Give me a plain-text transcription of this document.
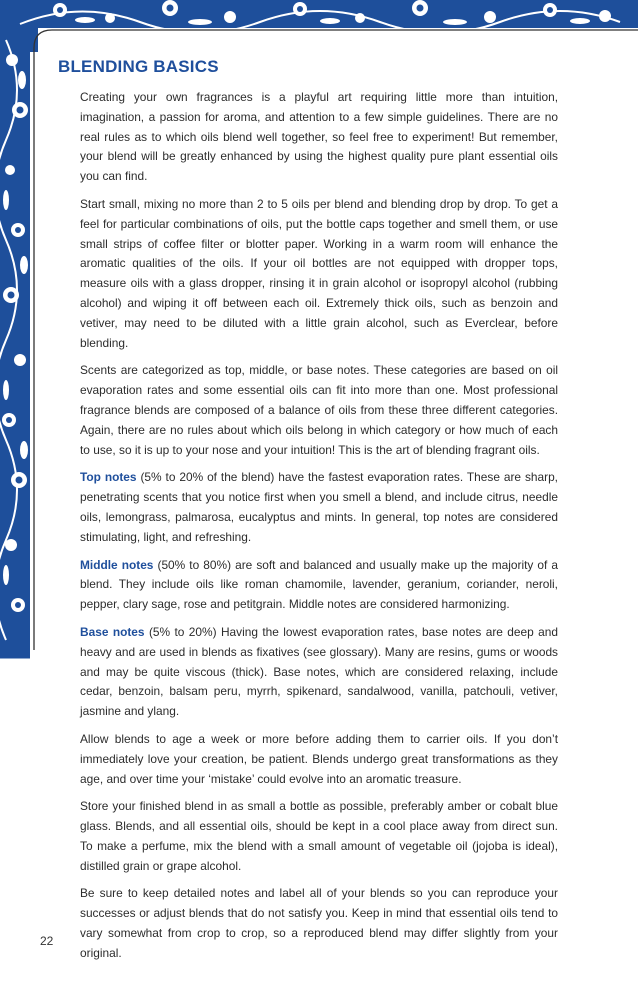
BLENDING BASICS

Creating your own fragrances is a playful art requiring little more than intuition, imagination, a passion for aroma, and attention to a few simple guidelines. There are no real rules as to which oils blend well together, so feel free to experiment! But remember, your blend will be greatly enhanced by using the highest quality pure plant essential oils you can find.

Start small, mixing no more than 2 to 5 oils per blend and blending drop by drop. To get a feel for particular combinations of oils, put the bottle caps together and smell them, or use small strips of coffee filter or blotter paper. Working in a warm room will enhance the aromatic qualities of the oils. If your oil bottles are not equipped with dropper tops, measure oils with a glass dropper, rinsing it in grain alcohol or isopropyl alcohol (rubbing alcohol) and wiping it off between each oil. Extremely thick oils, such as benzoin and vetiver, may need to be diluted with a little grain alcohol, such as Everclear, before blending.

Scents are categorized as top, middle, or base notes. These categories are based on oil evaporation rates and some essential oils can fit into more than one. Most professional fragrance blends are composed of a balance of oils from these three different categories. Again, there are no rules about which oils belong in which category or how much of each to use, so it is up to your nose and your intuition! This is the art of blending fragrant oils.

Top notes (5% to 20% of the blend) have the fastest evaporation rates. These are sharp, penetrating scents that you notice first when you smell a blend, and include citrus, needle oils, lemongrass, palmarosa, eucalyptus and mints. In general, top notes are considered stimulating, light, and refreshing.

Middle notes (50% to 80%) are soft and balanced and usually make up the majority of a blend. They include oils like roman chamomile, lavender, geranium, coriander, neroli, pepper, clary sage, rose and petitgrain. Middle notes are considered harmonizing.

Base notes (5% to 20%) Having the lowest evaporation rates, base notes are deep and heavy and are used in blends as fixatives (see glossary). Many are resins, gums or woods and may be quite viscous (thick). Base notes, which are considered relaxing, include cedar, benzoin, balsam peru, myrrh, spikenard, sandalwood, vanilla, patchouli, vetiver, jasmine and ylang.

Allow blends to age a week or more before adding them to carrier oils. If you don’t immediately love your creation, be patient. Blends undergo great transformations as they age, and over time your ‘mistake’ could evolve into an aromatic treasure.

Store your finished blend in as small a bottle as possible, preferably amber or cobalt blue glass. Blends, and all essential oils, should be kept in a cool place away from direct sun. To make a perfume, mix the blend with a small amount of vegetable oil (jojoba is ideal), distilled grain or grape alcohol.

Be sure to keep detailed notes and label all of your blends so you can reproduce your successes or adjust blends that do not satisfy you. Keep in mind that essential oils tend to vary somewhat from crop to crop, so a reproduced blend may differ slightly from your original.

22
